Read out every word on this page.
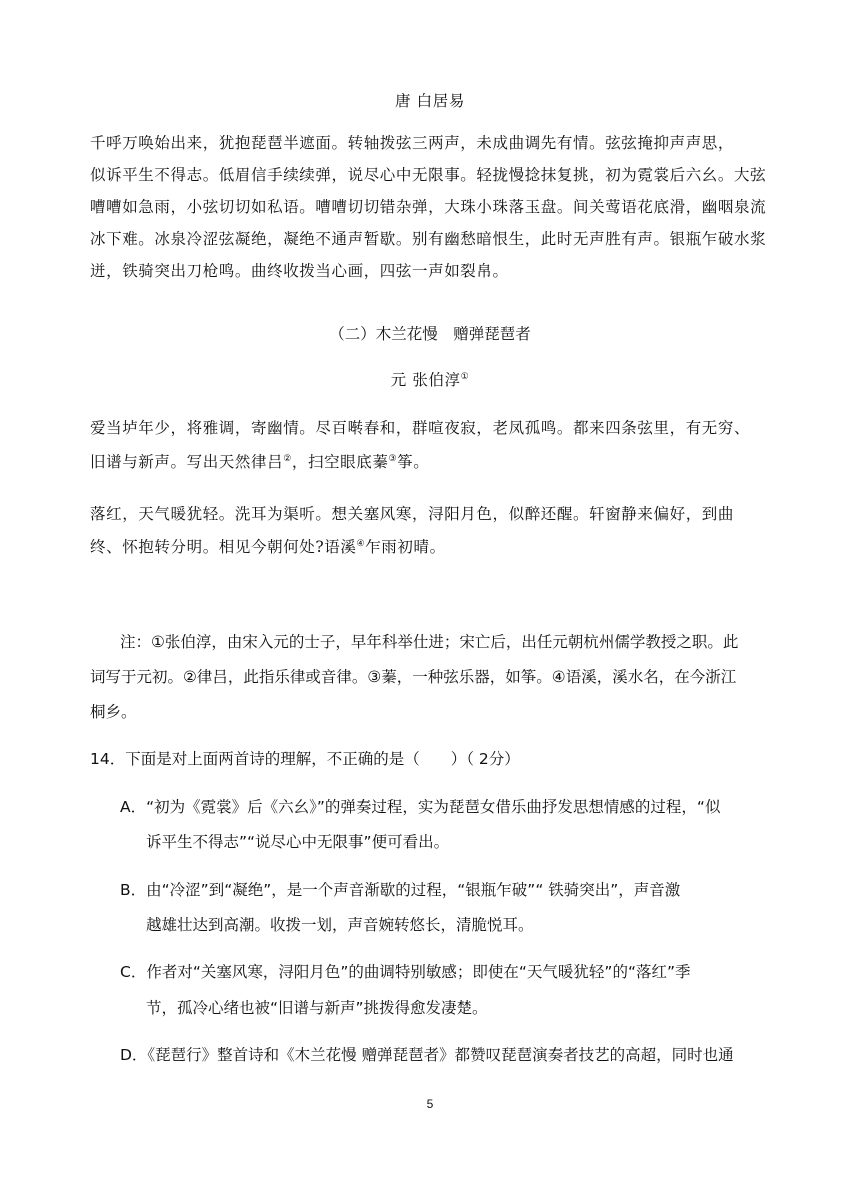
唐 白居易
千呼万唤始出来，犹抱琵琶半遮面。转轴拨弦三两声，未成曲调先有情。弦弦掩抑声声思，
似诉平生不得志。低眉信手续续弹，说尽心中无限事。轻拢慢捻抹复挑，初为霓裳后六幺。大弦
嘈嘈如急雨，小弦切切如私语。嘈嘈切切错杂弹，大珠小珠落玉盘。间关莺语花底滑，幽咽泉流
冰下难。冰泉冷涩弦凝绝，凝绝不通声暂歇。别有幽愁暗恨生，此时无声胜有声。银瓶乍破水浆
迸，铁骑突出刀枪鸣。曲终收拨当心画，四弦一声如裂帛。
（二）木兰花慢　赠弹琵琶者
元 张伯淳①
爱当垆年少，将雅调，寄幽情。尽百啭春和，群喧夜寂，老凤孤鸣。都来四条弦里，有无穷、
旧谱与新声。写出天然律吕②，扫空眼底蓁③筝。
落红，天气暖犹轻。洗耳为渠听。想关塞风寒，浔阳月色，似醉还醒。轩窗静来偏好，到曲
终、怀抱转分明。相见今朝何处?语溪④乍雨初晴。
注：①张伯淳，由宋入元的士子，早年科举仕进；宋亡后，出任元朝杭州儒学教授之职。此
词写于元初。②律吕，此指乐律或音律。③蓁，一种弦乐器，如筝。④语溪，溪水名，在今浙江
桐乡。
14．下面是对上面两首诗的理解，不正确的是（　　）（ 2分）
A．“初为《霓裳》后《六幺》”的弹奏过程，实为琵琶女借乐曲抒发思想情感的过程，“似
诉平生不得志”“说尽心中无限事”便可看出。
B．由“冷涩”到“凝绝”，是一个声音渐歇的过程，“银瓶乍破”“ 铁骑突出”，声音激
越雄壮达到高潮。收拨一划，声音婉转悠长，清脆悦耳。
C．作者对“关塞风寒，浔阳月色”的曲调特别敏感；即使在“天气暖犹轻”的“落红”季
节，孤冷心绪也被“旧谱与新声”挑拨得愈发凄楚。
D．《琵琶行》整首诗和《木兰花慢 赠弹琵琶者》都赞叹琵琶演奏者技艺的高超，同时也通
5
